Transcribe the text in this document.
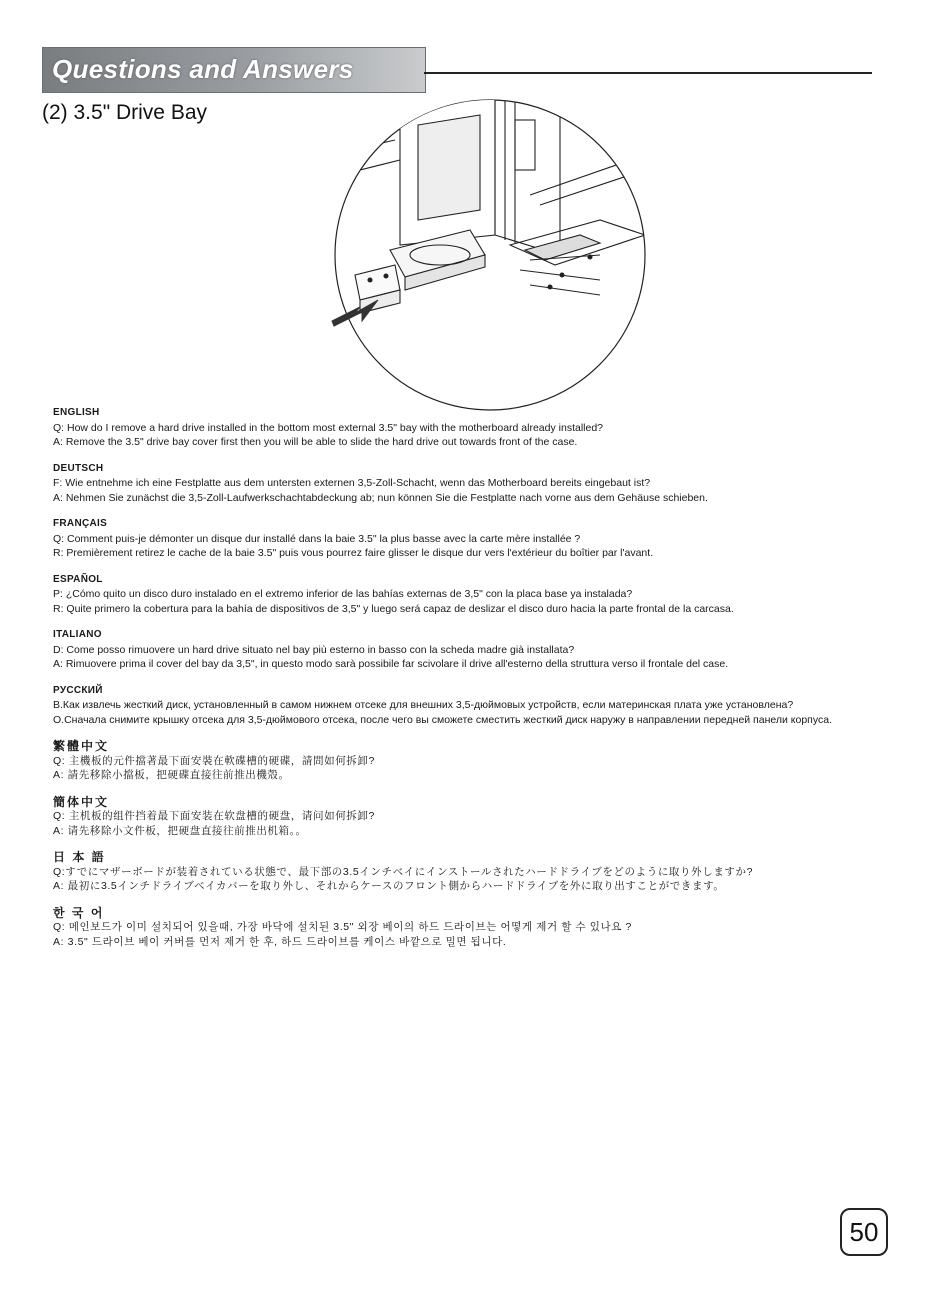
Questions and Answers
(2) 3.5" Drive Bay
ENGLISH

Q: How do I remove a hard drive installed in the bottom most external 3.5" bay with the motherboard already installed?

A: Remove the 3.5" drive bay cover first then you will be able to slide the hard drive out towards front of the case.

DEUTSCH

F: Wie entnehme ich eine Festplatte aus dem untersten externen 3,5-Zoll-Schacht, wenn das Motherboard bereits eingebaut ist?

A: Nehmen Sie zunächst die 3,5-Zoll-Laufwerkschachtabdeckung ab; nun können Sie die Festplatte nach vorne aus dem Gehäuse schieben.

FRANÇAIS

Q: Comment puis-je démonter un disque dur installé dans la baie 3.5" la plus basse avec la carte mère installée ?

R: Premièrement retirez le cache de la baie 3.5" puis vous pourrez faire glisser le disque dur vers l'extérieur du boîtier par l'avant.

ESPAÑOL

P: ¿Cómo quito un disco duro instalado en el extremo inferior de las bahías externas de 3,5" con la placa base ya instalada?

R: Quite primero la cobertura para la bahía de dispositivos de 3,5" y luego será capaz de deslizar el disco duro hacia la parte frontal de la carcasa.

ITALIANO

D: Come posso rimuovere un hard drive situato nel bay più esterno in basso con la scheda madre già installata?

A: Rimuovere prima il cover del bay da 3,5", in questo modo sarà possibile far scivolare il drive all'esterno della struttura verso il frontale del case.

РУССКИЙ

В.Как извлечь жесткий диск, установленный в самом нижнем отсеке для внешних 3,5-дюймовых устройств, если материнская плата уже установлена?

О.Сначала снимите крышку отсека для 3,5-дюймового отсека, после чего вы сможете сместить жесткий диск наружу в направлении передней панели корпуса.

繁體中文

Q: 主機板的元件擋著最下面安裝在軟碟槽的硬碟，請問如何拆卸?

A: 請先移除小擋板，把硬碟直接往前推出機殼。

簡体中文

Q: 主机板的组件挡着最下面安装在软盘槽的硬盘，请问如何拆卸?

A: 请先移除小文件板，把硬盘直接往前推出机箱。。

日 本 語

Q:すでにマザーボードが装着されている状態で、最下部の3.5インチベイにインストールされたハードドライブをどのように取り外しますか?

A: 最初に3.5インチドライブベイカバーを取り外し、それからケースのフロント側からハードドライブを外に取り出すことができます。

한 국 어

Q: 메인보드가 이미 설치되어 있을때, 가장 바닥에 설치된 3.5" 외장 베이의 하드 드라이브는 어떻게 제거 할 수 있나요 ?

A: 3.5" 드라이브 베이 커버를 먼저 제거 한 후, 하드 드라이브를 케이스 바깥으로 밀면 됩니다.

50
